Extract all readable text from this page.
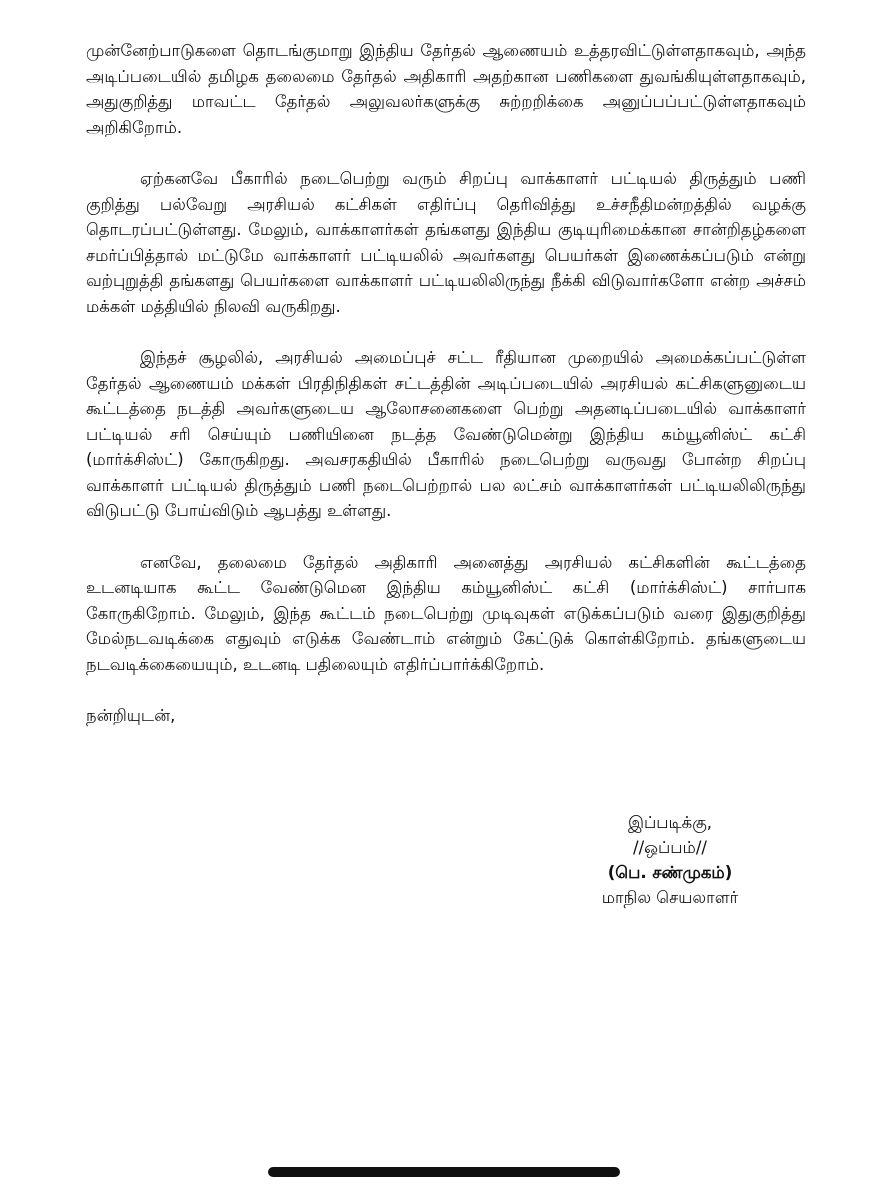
முன்னேற்பாடுகளை தொடங்குமாறு இந்திய தேர்தல் ஆணையம் உத்தரவிட்டுள்ளதாகவும், அந்த அடிப்படையில் தமிழக தலைமை தேர்தல் அதிகாரி அதற்கான பணிகளை துவங்கியுள்ளதாகவும், அதுகுறித்து மாவட்ட தேர்தல் அலுவலர்களுக்கு சுற்றறிக்கை அனுப்பப்பட்டுள்ளதாகவும் அறிகிறோம்.

ஏற்கனவே பீகாரில் நடைபெற்று வரும் சிறப்பு வாக்காளர் பட்டியல் திருத்தும் பணி குறித்து பல்வேறு அரசியல் கட்சிகள் எதிர்ப்பு தெரிவித்து உச்சநீதிமன்றத்தில் வழக்கு தொடரப்பட்டுள்ளது. மேலும், வாக்காளர்கள் தங்களது இந்திய குடியுரிமைக்கான சான்றிதழ்களை சமர்ப்பித்தால் மட்டுமே வாக்காளர் பட்டியலில் அவர்களது பெயர்கள் இணைக்கப்படும் என்று வற்புறுத்தி தங்களது பெயர்களை வாக்காளர் பட்டியலிலிருந்து நீக்கி விடுவார்களோ என்ற அச்சம் மக்கள் மத்தியில் நிலவி வருகிறது.

இந்தச் சூழலில், அரசியல் அமைப்புச் சட்ட ரீதியான முறையில் அமைக்கப்பட்டுள்ள தேர்தல் ஆணையம் மக்கள் பிரதிநிதிகள் சட்டத்தின் அடிப்படையில் அரசியல் கட்சிகளுனுடைய கூட்டத்தை நடத்தி அவர்களுடைய ஆலோசனைகளை பெற்று அதனடிப்படையில் வாக்காளர் பட்டியல் சரி செய்யும் பணியினை நடத்த வேண்டுமென்று இந்திய கம்யூனிஸ்ட் கட்சி (மார்க்சிஸ்ட்) கோருகிறது. அவசரகதியில் பீகாரில் நடைபெற்று வருவது போன்ற சிறப்பு வாக்காளர் பட்டியல் திருத்தும் பணி நடைபெற்றால் பல லட்சம் வாக்காளர்கள் பட்டியலிலிருந்து விடுபட்டு போய்விடும் ஆபத்து உள்ளது.

எனவே, தலைமை தேர்தல் அதிகாரி அனைத்து அரசியல் கட்சிகளின் கூட்டத்தை உடனடியாக கூட்ட வேண்டுமென இந்திய கம்யூனிஸ்ட் கட்சி (மார்க்சிஸ்ட்) சார்பாக கோருகிறோம். மேலும், இந்த கூட்டம் நடைபெற்று முடிவுகள் எடுக்கப்படும் வரை இதுகுறித்து மேல்நடவடிக்கை எதுவும் எடுக்க வேண்டாம் என்றும் கேட்டுக் கொள்கிறோம். தங்களுடைய நடவடிக்கையையும், உடனடி பதிலையும் எதிர்ப்பார்க்கிறோம்.

நன்றியுடன்,

இப்படிக்கு,
//ஒப்பம்//
(பெ. சண்முகம்)
மாநில செயலாளர்
